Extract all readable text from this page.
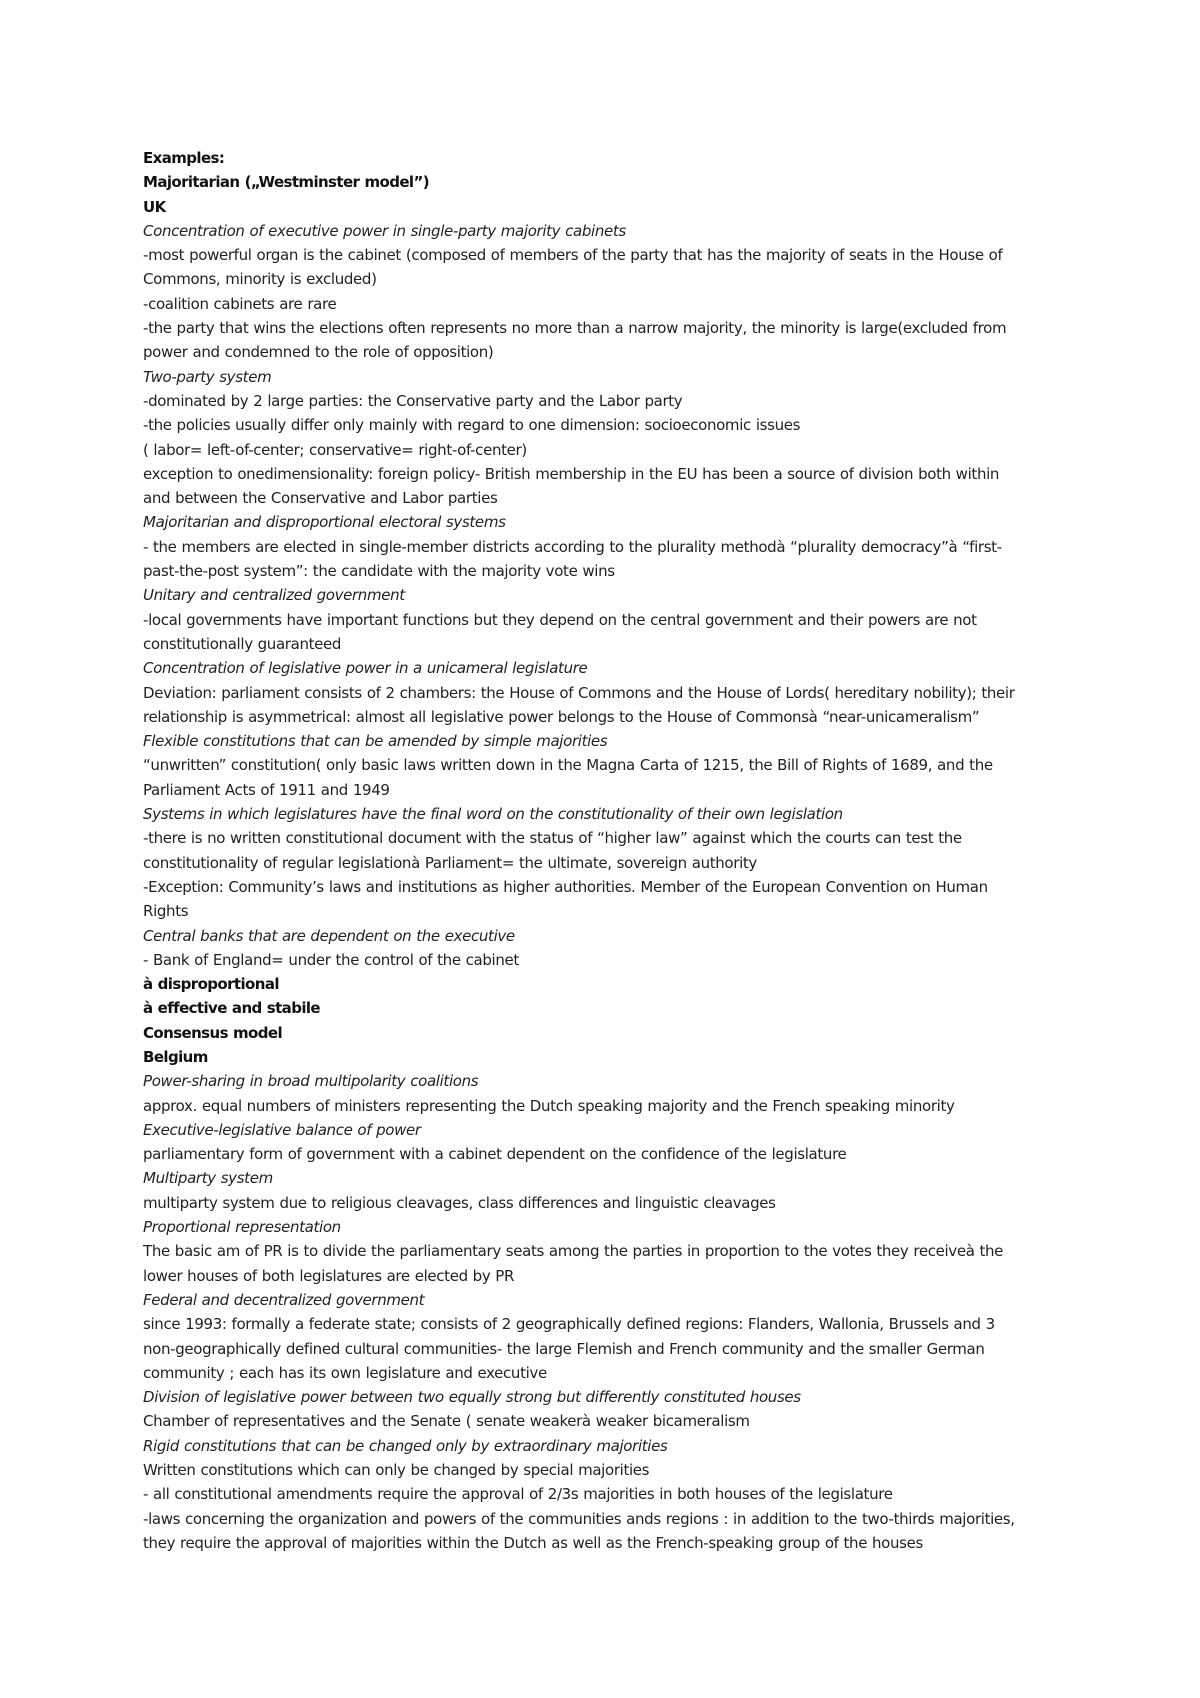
Examples:
Majoritarian („Westminster model”)
UK
Concentration of executive power in single-party majority cabinets
-most powerful organ is the cabinet (composed of members of the party that has the majority of seats in the House of
Commons, minority is excluded)
-coalition cabinets are rare
-the party that wins the elections often represents no more than a narrow majority, the minority is large(excluded from
power and condemned to the role of opposition)
Two-party system
-dominated by 2 large parties: the Conservative party and the Labor party
-the policies usually differ only mainly with regard to one dimension: socioeconomic issues
( labor= left-of-center; conservative= right-of-center)
exception to onedimensionality: foreign policy- British membership in the EU has been a source of division both within
and between the Conservative and Labor parties
Majoritarian and disproportional electoral systems
- the members are elected in single-member districts according to the plurality methodà “plurality democracy”à “first-
past-the-post system”: the candidate with the majority vote wins
Unitary and centralized government
-local governments have important functions but they depend on the central government and their powers are not
constitutionally guaranteed
Concentration of legislative power in a unicameral legislature
Deviation: parliament consists of 2 chambers: the House of Commons and the House of Lords( hereditary nobility); their
relationship is asymmetrical: almost all legislative power belongs to the House of Commonsà “near-unicameralism”
Flexible constitutions that can be amended by simple majorities
“unwritten” constitution( only basic laws written down in the Magna Carta of 1215, the Bill of Rights of 1689, and the
Parliament Acts of 1911 and 1949
Systems in which legislatures have the final word on the constitutionality of their own legislation
-there is no written constitutional document with the status of “higher law” against which the courts can test the
constitutionality of regular legislationà Parliament= the ultimate, sovereign authority
-Exception: Community’s laws and institutions as higher authorities. Member of the European Convention on Human
Rights
Central banks that are dependent on the executive
- Bank of England= under the control of the cabinet
à disproportional
à effective and stabile
Consensus model
Belgium
Power-sharing in broad multipolarity coalitions
approx. equal numbers of ministers representing the Dutch speaking majority and the French speaking minority
Executive-legislative balance of power
parliamentary form of government with a cabinet dependent on the confidence of the legislature
Multiparty system
multiparty system due to religious cleavages, class differences and linguistic cleavages
Proportional representation
The basic am of PR is to divide the parliamentary seats among the parties in proportion to the votes they receiveà the
lower houses of both legislatures are elected by PR
Federal and decentralized government
since 1993: formally a federate state; consists of 2 geographically defined regions: Flanders, Wallonia, Brussels and 3
non-geographically defined cultural communities- the large Flemish and French community and the smaller German
community ; each has its own legislature and executive
Division of legislative power between two equally strong but differently constituted houses
Chamber of representatives and the Senate ( senate weakerà weaker bicameralism
Rigid constitutions that can be changed only by extraordinary majorities
Written constitutions which can only be changed by special majorities
- all constitutional amendments require the approval of 2/3s majorities in both houses of the legislature
-laws concerning the organization and powers of the communities ands regions : in addition to the two-thirds majorities,
they require the approval of majorities within the Dutch as well as the French-speaking group of the houses
